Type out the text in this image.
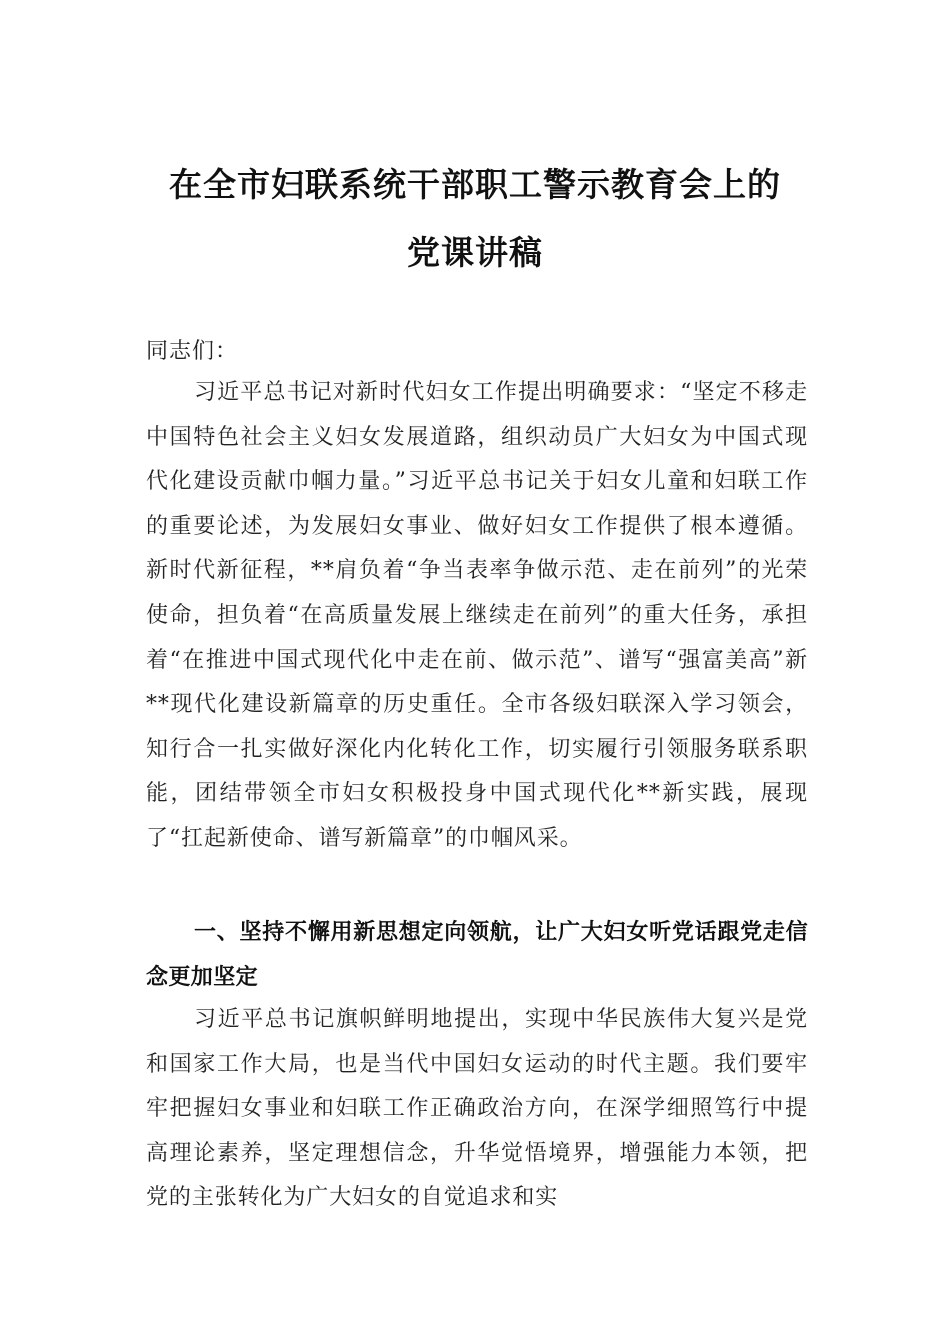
在全市妇联系统干部职工警示教育会上的
党课讲稿
同志们：
习近平总书记对新时代妇女工作提出明确要求：“坚定不移走中国特色社会主义妇女发展道路，组织动员广大妇女为中国式现代化建设贡献巾帼力量。”习近平总书记关于妇女儿童和妇联工作的重要论述，为发展妇女事业、做好妇女工作提供了根本遵循。新时代新征程，**肩负着“争当表率争做示范、走在前列”的光荣使命，担负着“在高质量发展上继续走在前列”的重大任务，承担着“在推进中国式现代化中走在前、做示范”、谱写“强富美高”新**现代化建设新篇章的历史重任。全市各级妇联深入学习领会，知行合一扎实做好深化内化转化工作，切实履行引领服务联系职能，团结带领全市妇女积极投身中国式现代化**新实践，展现了“扛起新使命、谱写新篇章”的巾帼风采。
一、坚持不懈用新思想定向领航，让广大妇女听党话跟党走信念更加坚定
习近平总书记旗帜鲜明地提出，实现中华民族伟大复兴是党和国家工作大局，也是当代中国妇女运动的时代主题。我们要牢牢把握妇女事业和妇联工作正确政治方向，在深学细照笃行中提高理论素养，坚定理想信念，升华觉悟境界，增强能力本领，把党的主张转化为广大妇女的自觉追求和实
